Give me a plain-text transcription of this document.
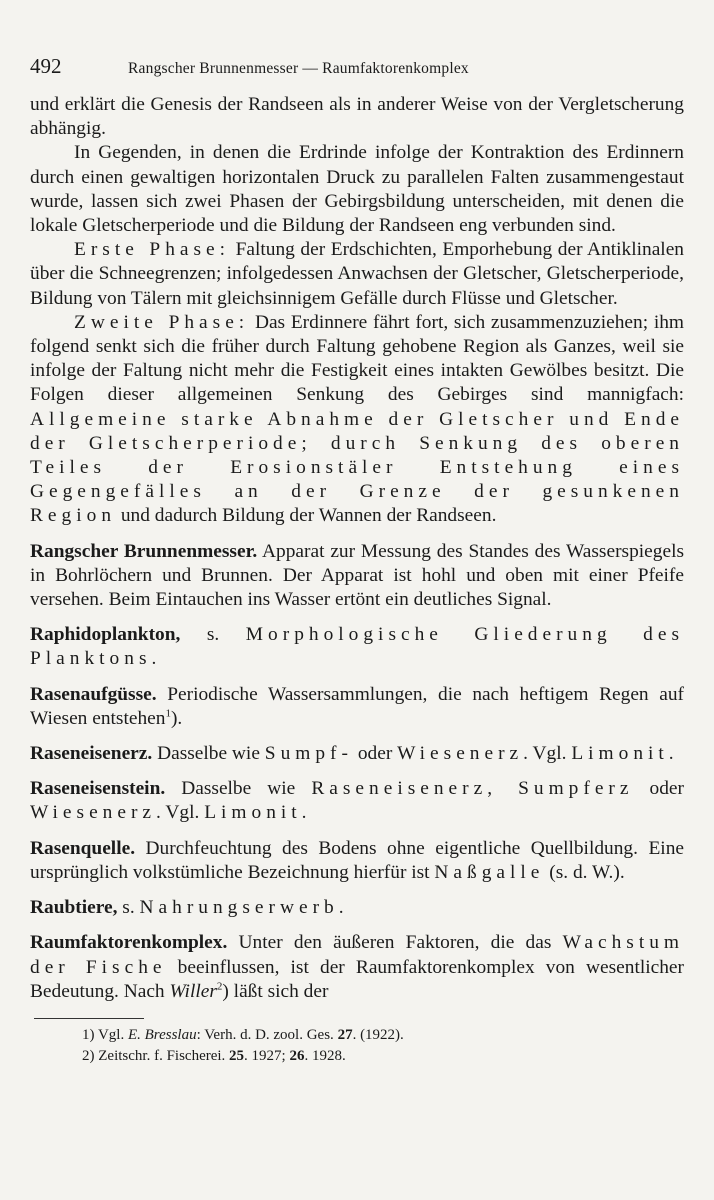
492	Rangscher Brunnenmesser — Raumfaktorenkomplex

und erklärt die Genesis der Randseen als in anderer Weise von der Vergletscherung abhängig.

In Gegenden, in denen die Erdrinde infolge der Kontraktion des Erdinnern durch einen gewaltigen horizontalen Druck zu parallelen Falten zusammengestaut wurde, lassen sich zwei Phasen der Gebirgsbildung unterscheiden, mit denen die lokale Gletscherperiode und die Bildung der Randseen eng verbunden sind.

Erste Phase: Faltung der Erdschichten, Emporhebung der Antiklinalen über die Schneegrenzen; infolgedessen Anwachsen der Gletscher, Gletscherperiode, Bildung von Tälern mit gleichsinnigem Gefälle durch Flüsse und Gletscher.

Zweite Phase: Das Erdinnere fährt fort, sich zusammenzuziehen; ihm folgend senkt sich die früher durch Faltung gehobene Region als Ganzes, weil sie infolge der Faltung nicht mehr die Festigkeit eines intakten Gewölbes besitzt. Die Folgen dieser allgemeinen Senkung des Gebirges sind mannigfach: Allgemeine starke Abnahme der Gletscher und Ende der Gletscherperiode; durch Senkung des oberen Teiles der Erosionstäler Entstehung eines Gegengefälles an der Grenze der gesunkenen Region und dadurch Bildung der Wannen der Randseen.

Rangscher Brunnenmesser. Apparat zur Messung des Standes des Wasserspiegels in Bohrlöchern und Brunnen. Der Apparat ist hohl und oben mit einer Pfeife versehen. Beim Eintauchen ins Wasser ertönt ein deutliches Signal.

Raphidoplankton, s. Morphologische Gliederung des Planktons.

Rasenaufgüsse. Periodische Wassersammlungen, die nach heftigem Regen auf Wiesen entstehen$^1$).

Raseneisenerz. Dasselbe wie Sumpf- oder Wiesenerz. Vgl. Limonit.

Raseneisenstein. Dasselbe wie Raseneisenerz, Sumpferz oder Wiesenerz. Vgl. Limonit.

Rasenquelle. Durchfeuchtung des Bodens ohne eigentliche Quellbildung. Eine ursprünglich volkstümliche Bezeichnung hierfür ist Naßgalle (s. d. W.).

Raubtiere, s. Nahrungserwerb.

Raumfaktorenkomplex. Unter den äußeren Faktoren, die das Wachstum der Fische beeinflussen, ist der Raumfaktorenkomplex von wesentlicher Bedeutung. Nach Willer$^2$) läßt sich der

1) Vgl. E. Bresslau: Verh. d. D. zool. Ges. 27. (1922).
2) Zeitschr. f. Fischerei. 25. 1927; 26. 1928.
